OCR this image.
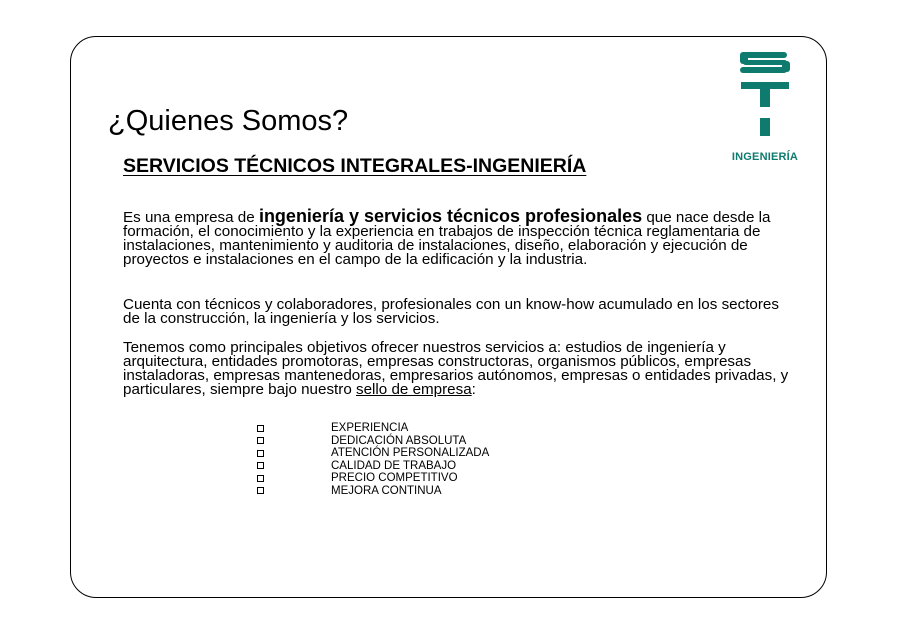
¿Quienes Somos?
INGENIERÍA
SERVICIOS TÉCNICOS INTEGRALES-INGENIERÍA

Es una empresa de ingeniería y servicios técnicos profesionales que nace desde la formación, el conocimiento y la experiencia en trabajos de inspección técnica reglamentaria de instalaciones, mantenimiento y auditoria de instalaciones, diseño, elaboración y ejecución de proyectos e instalaciones en el campo de la edificación y la industria.

Cuenta con técnicos y colaboradores, profesionales con un know-how acumulado en los sectores de la construcción, la ingeniería y los servicios.

Tenemos como principales objetivos ofrecer nuestros servicios a: estudios de ingeniería y arquitectura, entidades promotoras, empresas constructoras, organismos públicos, empresas instaladoras, empresas mantenedoras, empresarios autónomos, empresas o entidades privadas, y particulares, siempre bajo nuestro sello de empresa:

EXPERIENCIA
DEDICACIÓN ABSOLUTA
ATENCIÓN PERSONALIZADA
CALIDAD DE TRABAJO
PRECIO COMPETITIVO
MEJORA CONTINUA
